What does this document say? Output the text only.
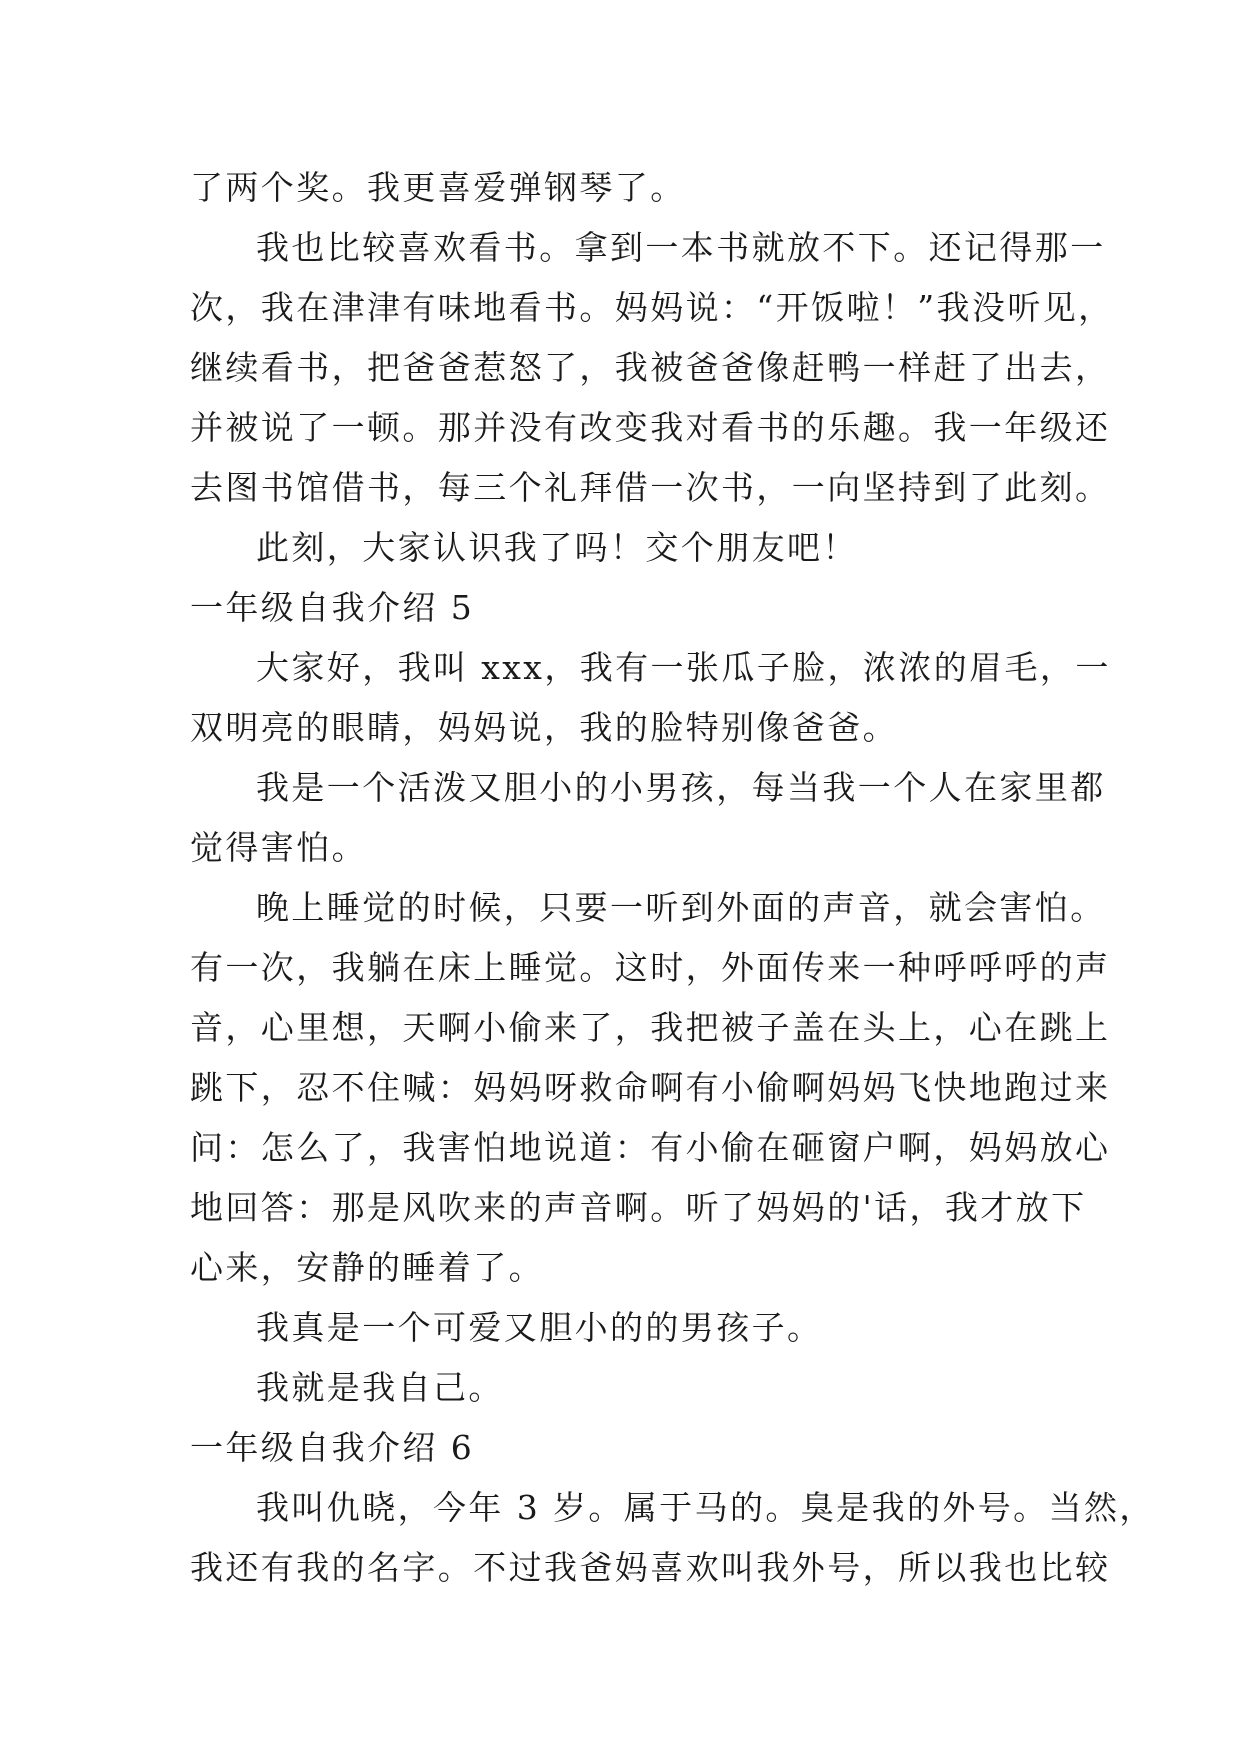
了两个奖。我更喜爱弹钢琴了。
我也比较喜欢看书。拿到一本书就放不下。还记得那一
次，我在津津有味地看书。妈妈说：“开饭啦！”我没听见，
继续看书，把爸爸惹怒了，我被爸爸像赶鸭一样赶了出去，
并被说了一顿。那并没有改变我对看书的乐趣。我一年级还
去图书馆借书，每三个礼拜借一次书，一向坚持到了此刻。
此刻，大家认识我了吗！交个朋友吧！
一年级自我介绍 5
大家好，我叫 xxx，我有一张瓜子脸，浓浓的眉毛，一
双明亮的眼睛，妈妈说，我的脸特别像爸爸。
我是一个活泼又胆小的小男孩，每当我一个人在家里都
觉得害怕。
晚上睡觉的时候，只要一听到外面的声音，就会害怕。
有一次，我躺在床上睡觉。这时，外面传来一种呼呼呼的声
音，心里想，天啊小偷来了，我把被子盖在头上，心在跳上
跳下，忍不住喊：妈妈呀救命啊有小偷啊妈妈飞快地跑过来
问：怎么了，我害怕地说道：有小偷在砸窗户啊，妈妈放心
地回答：那是风吹来的声音啊。听了妈妈的'话，我才放下
心来，安静的睡着了。
我真是一个可爱又胆小的的男孩子。
我就是我自己。
一年级自我介绍 6
我叫仇晓，今年 3 岁。属于马的。臭是我的外号。当然，
我还有我的名字。不过我爸妈喜欢叫我外号，所以我也比较
